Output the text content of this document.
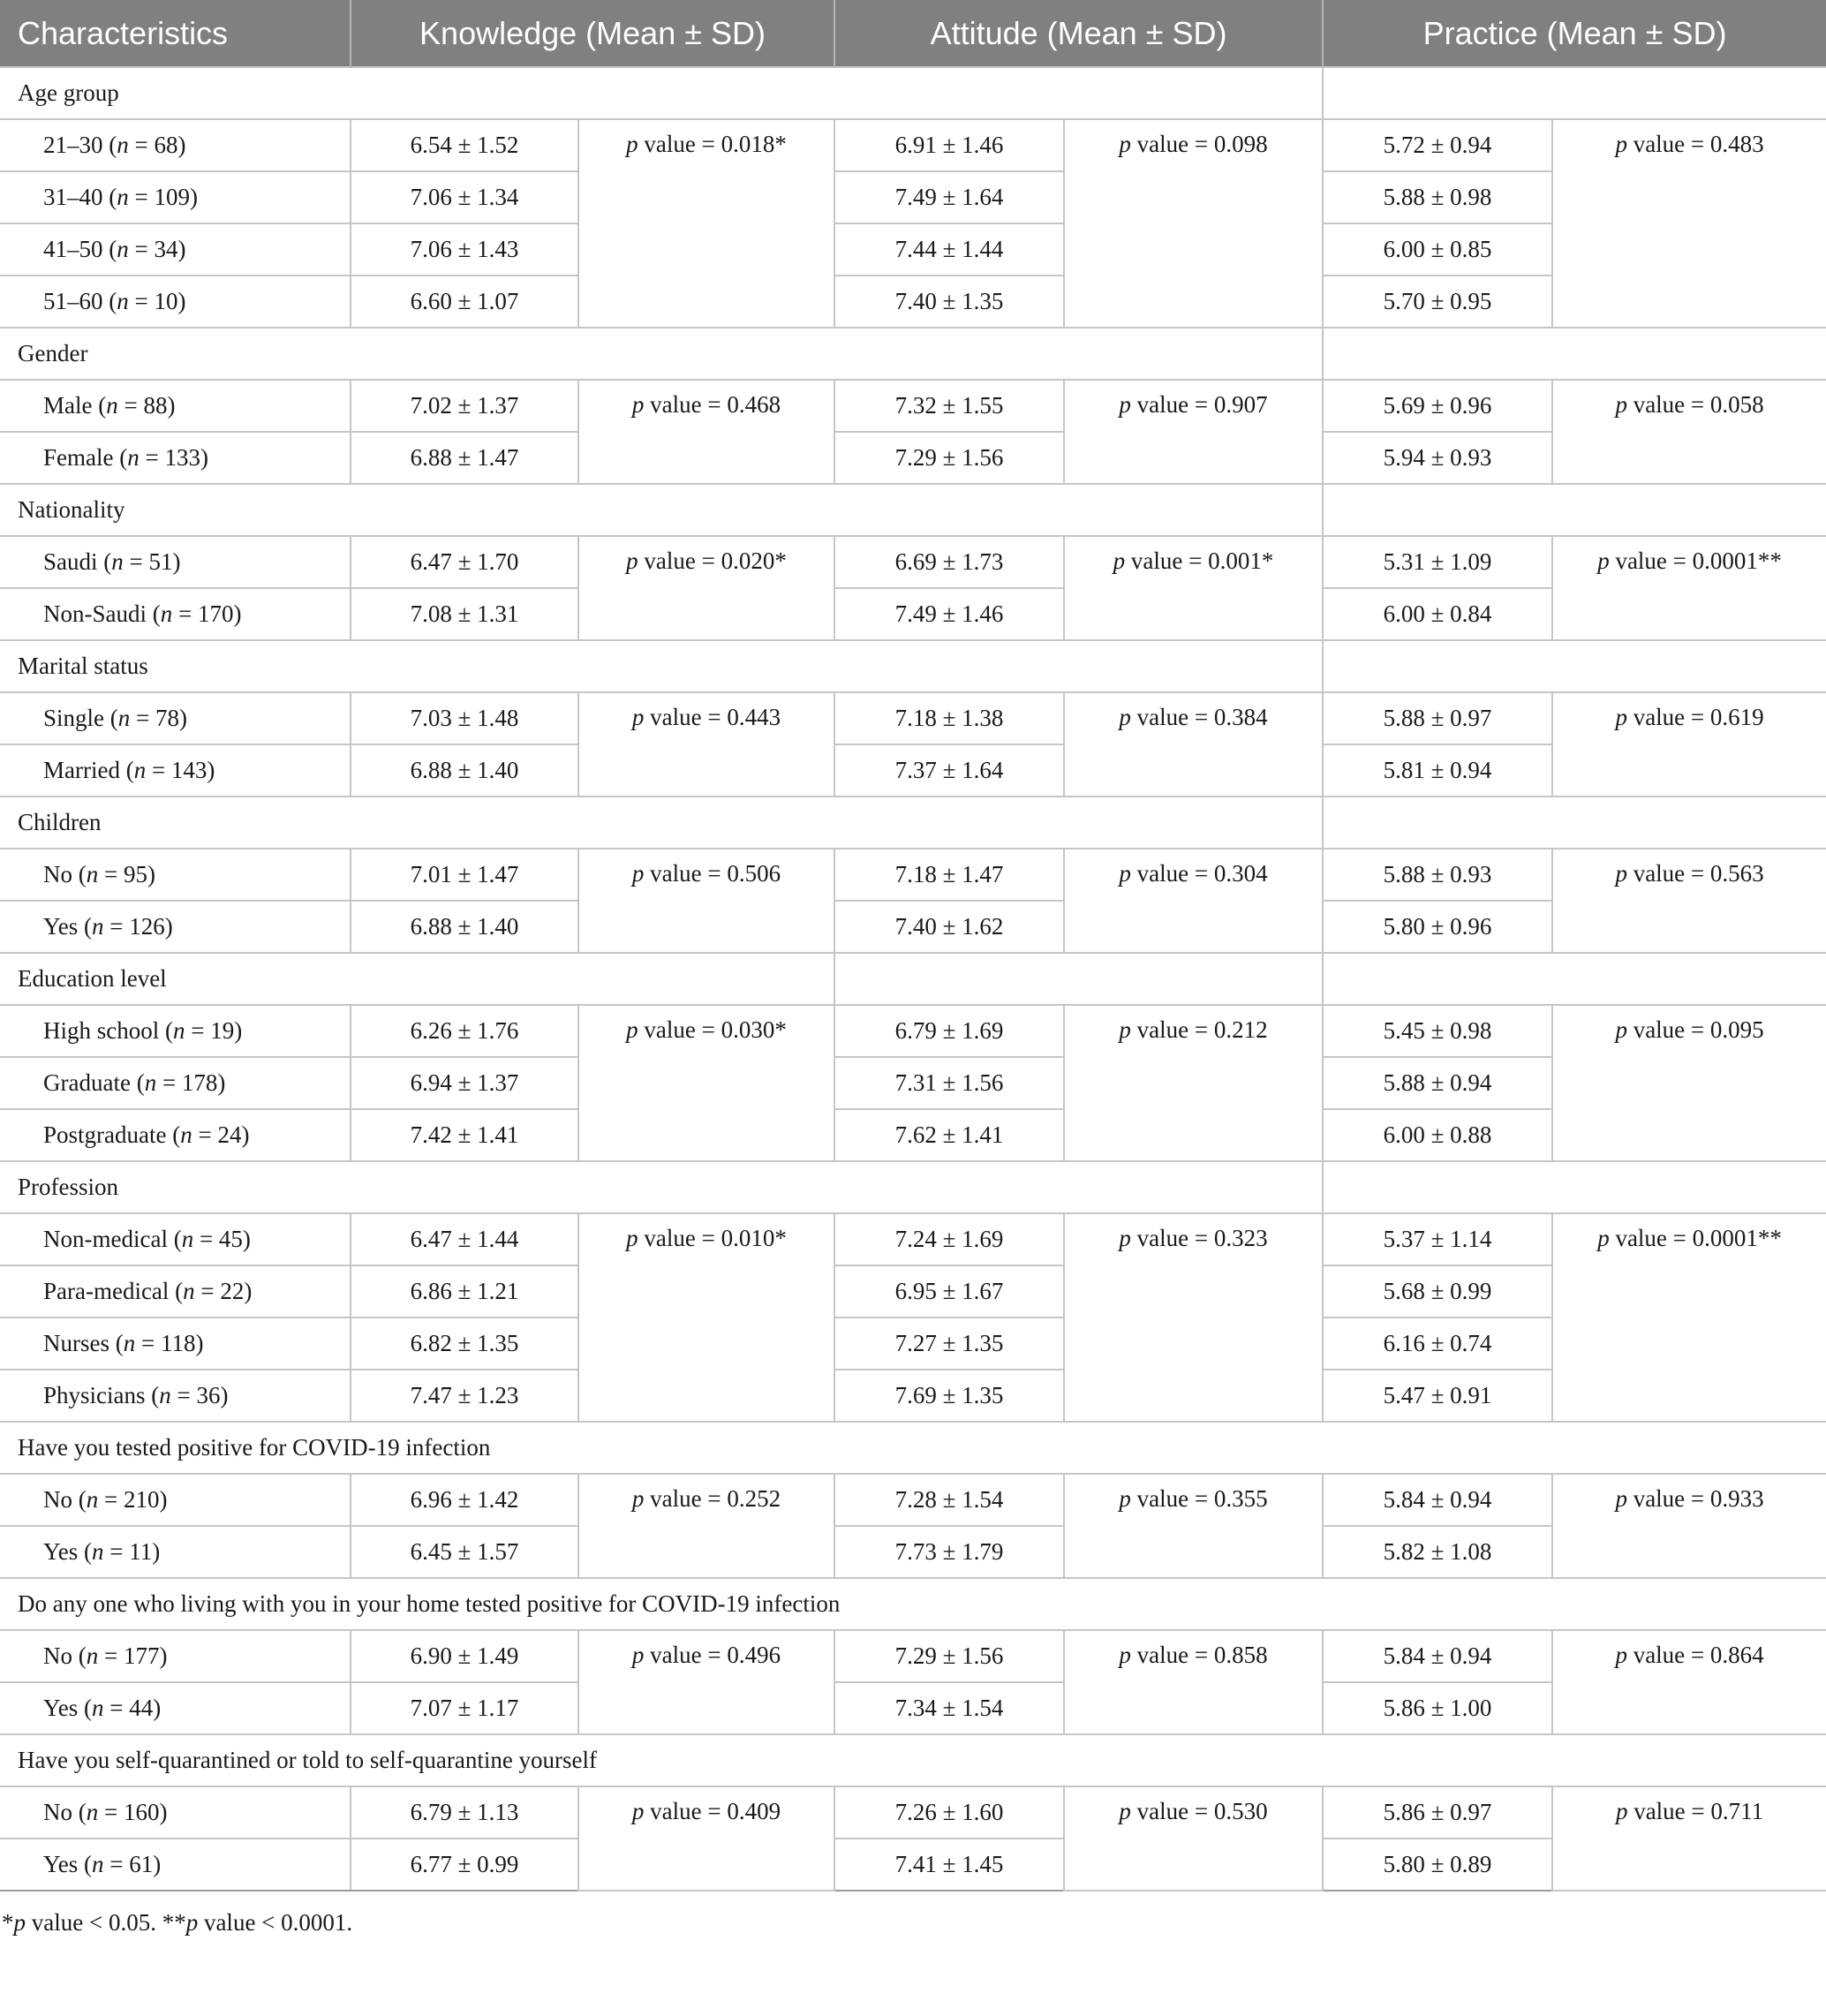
Characteristics	Knowledge (Mean ± SD)		Attitude (Mean ± SD)		Practice (Mean ± SD)	
Age group						
21–30 (n = 68)	6.54 ± 1.52	p value = 0.018*	6.91 ± 1.46	p value = 0.098	5.72 ± 0.94	p value = 0.483
31–40 (n = 109)	7.06 ± 1.34		7.49 ± 1.64		5.88 ± 0.98	
41–50 (n = 34)	7.06 ± 1.43		7.44 ± 1.44		6.00 ± 0.85	
51–60 (n = 10)	6.60 ± 1.07		7.40 ± 1.35		5.70 ± 0.95	
Gender						
Male (n = 88)	7.02 ± 1.37	p value = 0.468	7.32 ± 1.55	p value = 0.907	5.69 ± 0.96	p value = 0.058
Female (n = 133)	6.88 ± 1.47		7.29 ± 1.56		5.94 ± 0.93	
Nationality						
Saudi (n = 51)	6.47 ± 1.70	p value = 0.020*	6.69 ± 1.73	p value = 0.001*	5.31 ± 1.09	p value = 0.0001**
Non-Saudi (n = 170)	7.08 ± 1.31		7.49 ± 1.46		6.00 ± 0.84	
Marital status						
Single (n = 78)	7.03 ± 1.48	p value = 0.443	7.18 ± 1.38	p value = 0.384	5.88 ± 0.97	p value = 0.619
Married (n = 143)	6.88 ± 1.40		7.37 ± 1.64		5.81 ± 0.94	
Children						
No (n = 95)	7.01 ± 1.47	p value = 0.506	7.18 ± 1.47	p value = 0.304	5.88 ± 0.93	p value = 0.563
Yes (n = 126)	6.88 ± 1.40		7.40 ± 1.62		5.80 ± 0.96	
Education level						
High school (n = 19)	6.26 ± 1.76	p value = 0.030*	6.79 ± 1.69	p value = 0.212	5.45 ± 0.98	p value = 0.095
Graduate (n = 178)	6.94 ± 1.37		7.31 ± 1.56		5.88 ± 0.94	
Postgraduate (n = 24)	7.42 ± 1.41		7.62 ± 1.41		6.00 ± 0.88	
Profession						
Non-medical (n = 45)	6.47 ± 1.44	p value = 0.010*	7.24 ± 1.69	p value = 0.323	5.37 ± 1.14	p value = 0.0001**
Para-medical (n = 22)	6.86 ± 1.21		6.95 ± 1.67		5.68 ± 0.99	
Nurses (n = 118)	6.82 ± 1.35		7.27 ± 1.35		6.16 ± 0.74	
Physicians (n = 36)	7.47 ± 1.23		7.69 ± 1.35		5.47 ± 0.91	
Have you tested positive for COVID-19 infection						
No (n = 210)	6.96 ± 1.42	p value = 0.252	7.28 ± 1.54	p value = 0.355	5.84 ± 0.94	p value = 0.933
Yes (n = 11)	6.45 ± 1.57		7.73 ± 1.79		5.82 ± 1.08	
Do any one who living with you in your home tested positive for COVID-19 infection						
No (n = 177)	6.90 ± 1.49	p value = 0.496	7.29 ± 1.56	p value = 0.858	5.84 ± 0.94	p value = 0.864
Yes (n = 44)	7.07 ± 1.17		7.34 ± 1.54		5.86 ± 1.00	
Have you self-quarantined or told to self-quarantine yourself						
No (n = 160)	6.79 ± 1.13	p value = 0.409	7.26 ± 1.60	p value = 0.530	5.86 ± 0.97	p value = 0.711
Yes (n = 61)	6.77 ± 0.99		7.41 ± 1.45		5.80 ± 0.89	
*p value < 0.05. **p value < 0.0001.
